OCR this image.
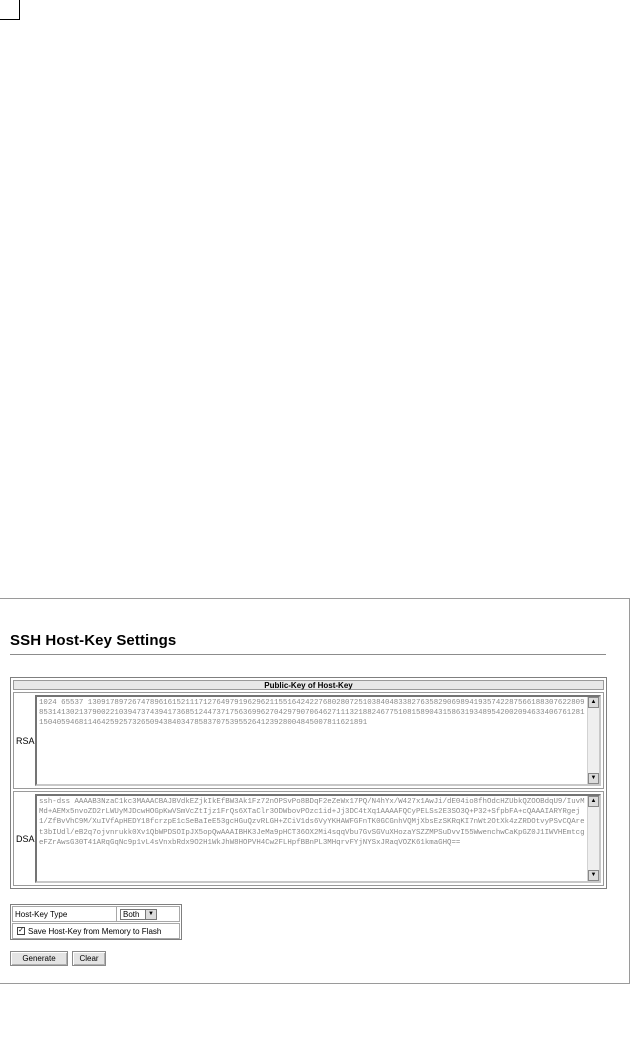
SSH Host-Key Settings
Public-Key of Host-Key
RSA
1024 65537 130917897267478961615211171276497919629621155164242276802807251038404833827635829069894193574228756618830762280985314130213790022103947374394173685124473717563699627042979070646271113218824677510815890431586319348954200209463340676128115040594681146425925732650943840347858370753955264123928004845007811621891
▲
▼
DSA
ssh-dss AAAAB3NzaC1kc3MAAACBAJBVdkEZjkIkEfBW3Ak1Fz72nOPSvPo8BDqF2eZeWx17PQ/N4hYx/W427x1AwJi/dE04io8fhOdcHZUbkQZOOBdqU9/IuvMMd+AEMx5nvoZD2rLWUyMJDcwHOGpKwVSmVcZtIjz1FrQs6XTaClr3ODWbovPOzc1id+Jj3DC4tXq1AAAAFQCyPELSs2E3SO3Q+P32+SfpbFA+cQAAAIARYRgej1/ZfBvVhC9M/XuIVfApHEDY18fcrzpE1cSeBaIeE53gcHGuQzvRLGH+ZCiV1ds6VyYKHAWFGFnTK0GCGnhVQMjXbsEzSKRqKI7nWt2OtXk4zZRDOtvyPSvCQAret3bIUdl/eB2q7ojvnrukk0Xv1QbWPDSOIpJX5opQwAAAIBHK3JeMa9pHCT36OX2Mi4sqqVbu7GvSGVuXHozaYSZZMPSuDvvI55WwenchwCaKpGZ0J1IWVHEmtcgeFZrAwsG30T41ARqGqNc9p1vL4sVnxbRdx9O2H1WkJhW8HOPVH4Cw2FLHpfBBnPL3MHqrvFYjNYSxJRaqVOZK61kmaGHQ==
▲
▼
Host-Key Type	Both	▼
✓ Save Host-Key from Memory to Flash
Generate	Clear
